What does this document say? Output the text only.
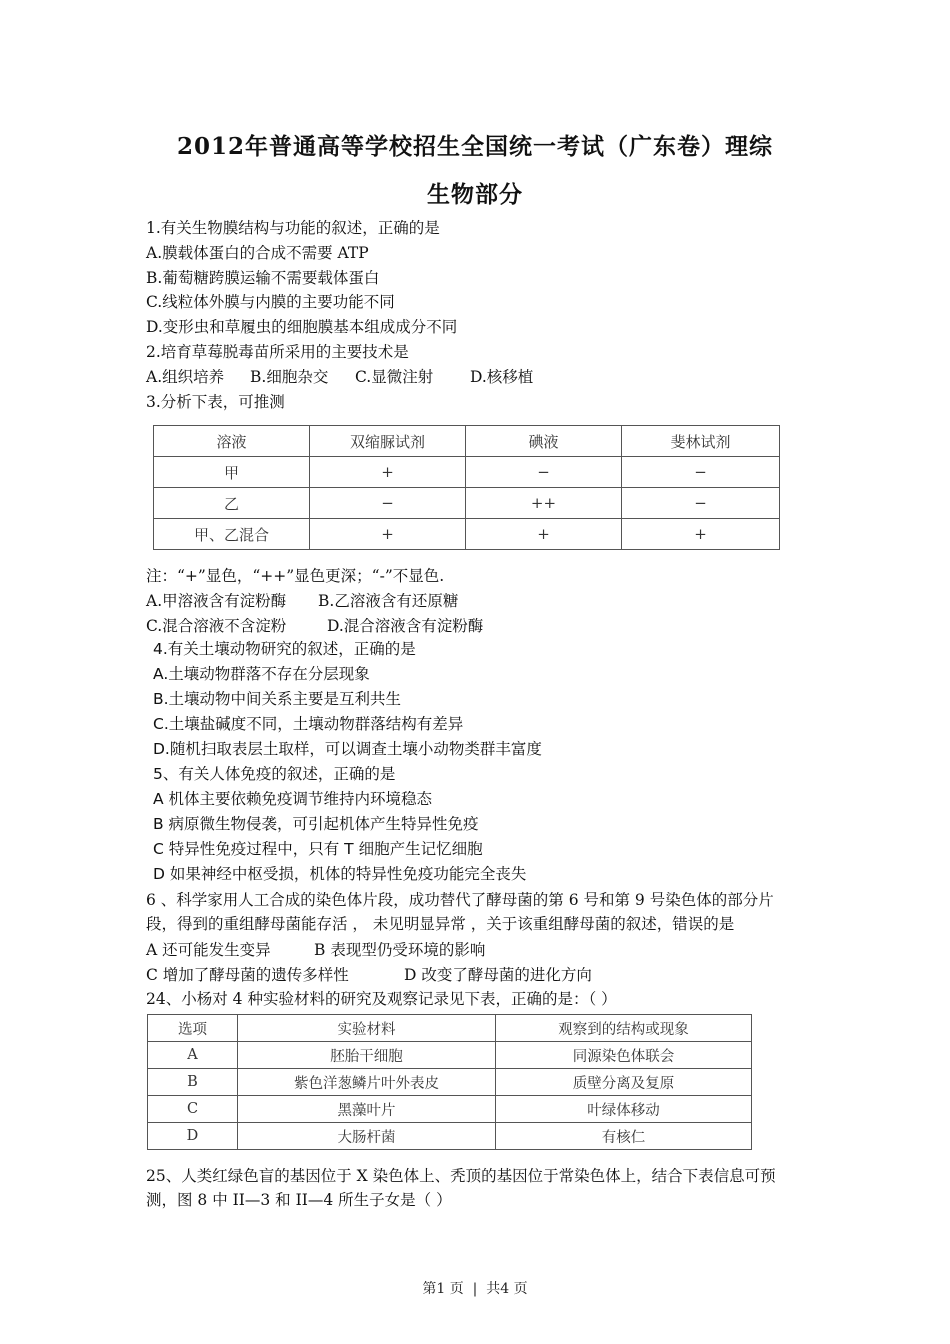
2012年普通高等学校招生全国统一考试（广东卷）理综
生物部分
1.有关生物膜结构与功能的叙述，正确的是
A.膜载体蛋白的合成不需要 ATP
B.葡萄糖跨膜运输不需要载体蛋白
C.线粒体外膜与内膜的主要功能不同
D.变形虫和草履虫的细胞膜基本组成成分不同
2.培育草莓脱毒苗所采用的主要技术是
A.组织培养 B.细胞杂交 C.显微注射 D.核移植
3.分析下表，可推测
溶液	双缩脲试剂	碘液	斐林试剂
甲	+	−	−
乙	−	++	−
甲、乙混合	+	+	+
注：“+”显色，“++”显色更深；“-”不显色.
A.甲溶液含有淀粉酶 B.乙溶液含有还原糖
C.混合溶液不含淀粉	D.混合溶液含有淀粉酶
4.有关土壤动物研究的叙述，正确的是
A.土壤动物群落不存在分层现象
B.土壤动物中间关系主要是互利共生
C.土壤盐碱度不同，土壤动物群落结构有差异
D.随机扫取表层土取样，可以调查土壤小动物类群丰富度
5、有关人体免疫的叙述，正确的是
A 机体主要依赖免疫调节维持内环境稳态
B 病原微生物侵袭，可引起机体产生特异性免疫
C 特异性免疫过程中，只有 T 细胞产生记忆细胞
D 如果神经中枢受损，机体的特异性免疫功能完全丧失
6 、科学家用人工合成的染色体片段，成功替代了酵母菌的第 6 号和第 9 号染色体的部分片
段，得到的重组酵母菌能存活 ， 未见明显异常 ，关于该重组酵母菌的叙述，错误的是
A 还可能发生变异	B 表现型仍受环境的影响
C 增加了酵母菌的遗传多样性	D 改变了酵母菌的进化方向
24、小杨对 4 种实验材料的研究及观察记录见下表，正确的是：（ ）
选项	实验材料	观察到的结构或现象
A	胚胎干细胞	同源染色体联会
B	紫色洋葱鳞片叶外表皮	质壁分离及复原
C	黑藻叶片	叶绿体移动
D	大肠杆菌	有核仁
25、人类红绿色盲的基因位于 X 染色体上、秃顶的基因位于常染色体上，结合下表信息可预
测，图 8 中 II—3 和 II—4 所生子女是（ ）
第1 页 | 共4 页
